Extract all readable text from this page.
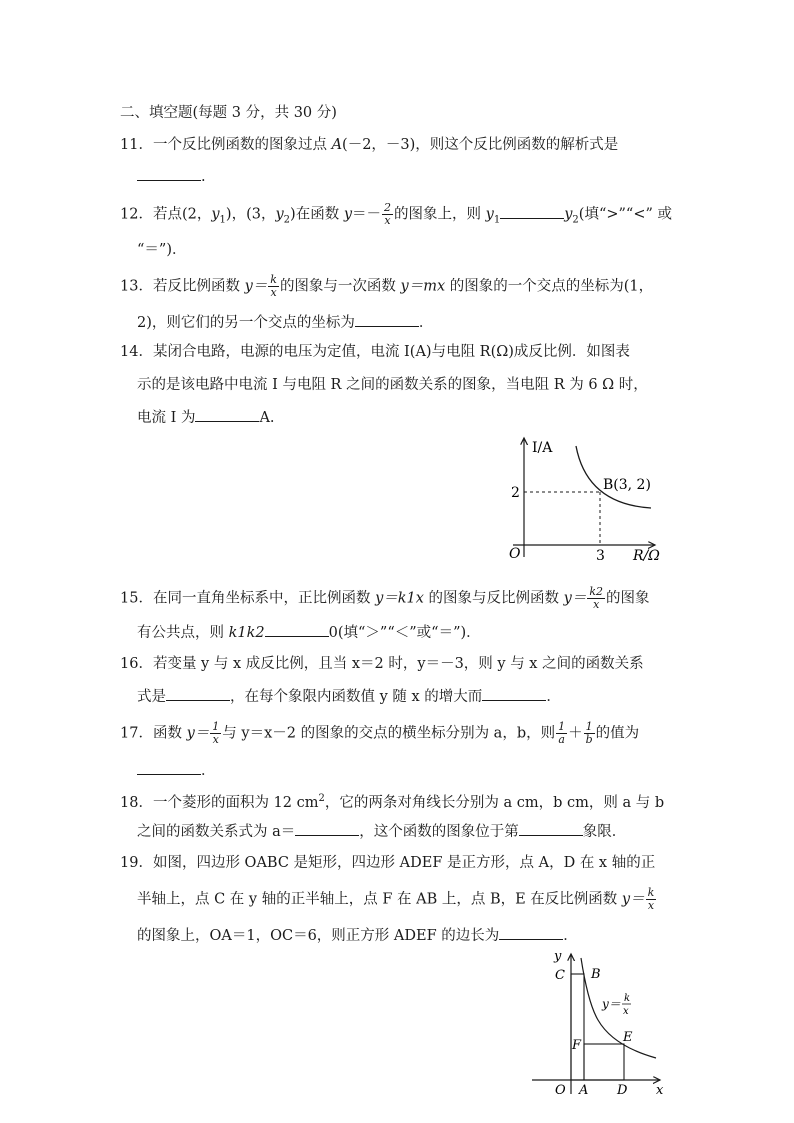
二、填空题(每题 3 分，共 30 分)
11．一个反比例函数的图象过点 A(－2，－3)，则这个反比例函数的解析式是
.
12．若点(2，$y_1$)，(3，$y_2$)在函数 $y=- \frac{2}{x}$ 的图象上，则 $y_1$	$y_2$(填“>”“<” 或
“＝”)．
13．若反比例函数 $y= \frac{k}{x}$ 的图象与一次函数 y＝mx 的图象的一个交点的坐标为(1，
2)，则它们的另一个交点的坐标为	．
14．某闭合电路，电源的电压为定值，电流 I(A)与电阻 R(Ω)成反比例．如图表
示的是该电路中电流 I 与电阻 R 之间的函数关系的图象，当电阻 R 为 6 Ω 时，
电流 I 为	A.
I/A
R/Ω
O
2
3
B(3, 2)
15．在同一直角坐标系中，正比例函数 y＝k1x 的图象与反比例函数 $y= \frac{k2}{x}$ 的图象
有公共点，则 k1k2	0(填“＞”“＜”或“＝”)．
16．若变量 y 与 x 成反比例，且当 x＝2 时，y＝－3，则 y 与 x 之间的函数关系
式是	，在每个象限内函数值 y 随 x 的增大而	．
17．函数 $y= \frac{1}{x}$ 与 y＝x－2 的图象的交点的横坐标分别为 a，b，则 $\frac{1}{a} + \frac{1}{b}$ 的值为
．
18．一个菱形的面积为 12 $cm^2$，它的两条对角线长分别为 a cm，b cm，则 a 与 b
之间的函数关系式为 a＝	，这个函数的图象位于第	象限．
19．如图，四边形 OABC 是矩形，四边形 ADEF 是正方形，点 A，D 在 x 轴的正
半轴上，点 C 在 y 轴的正半轴上，点 F 在 AB 上，点 B，E 在反比例函数 $y= \frac{k}{x}$
的图象上，OA＝1，OC＝6，则正方形 ADEF 的边长为	．
y
x
O A D
C B
E
F
y＝ k
x
